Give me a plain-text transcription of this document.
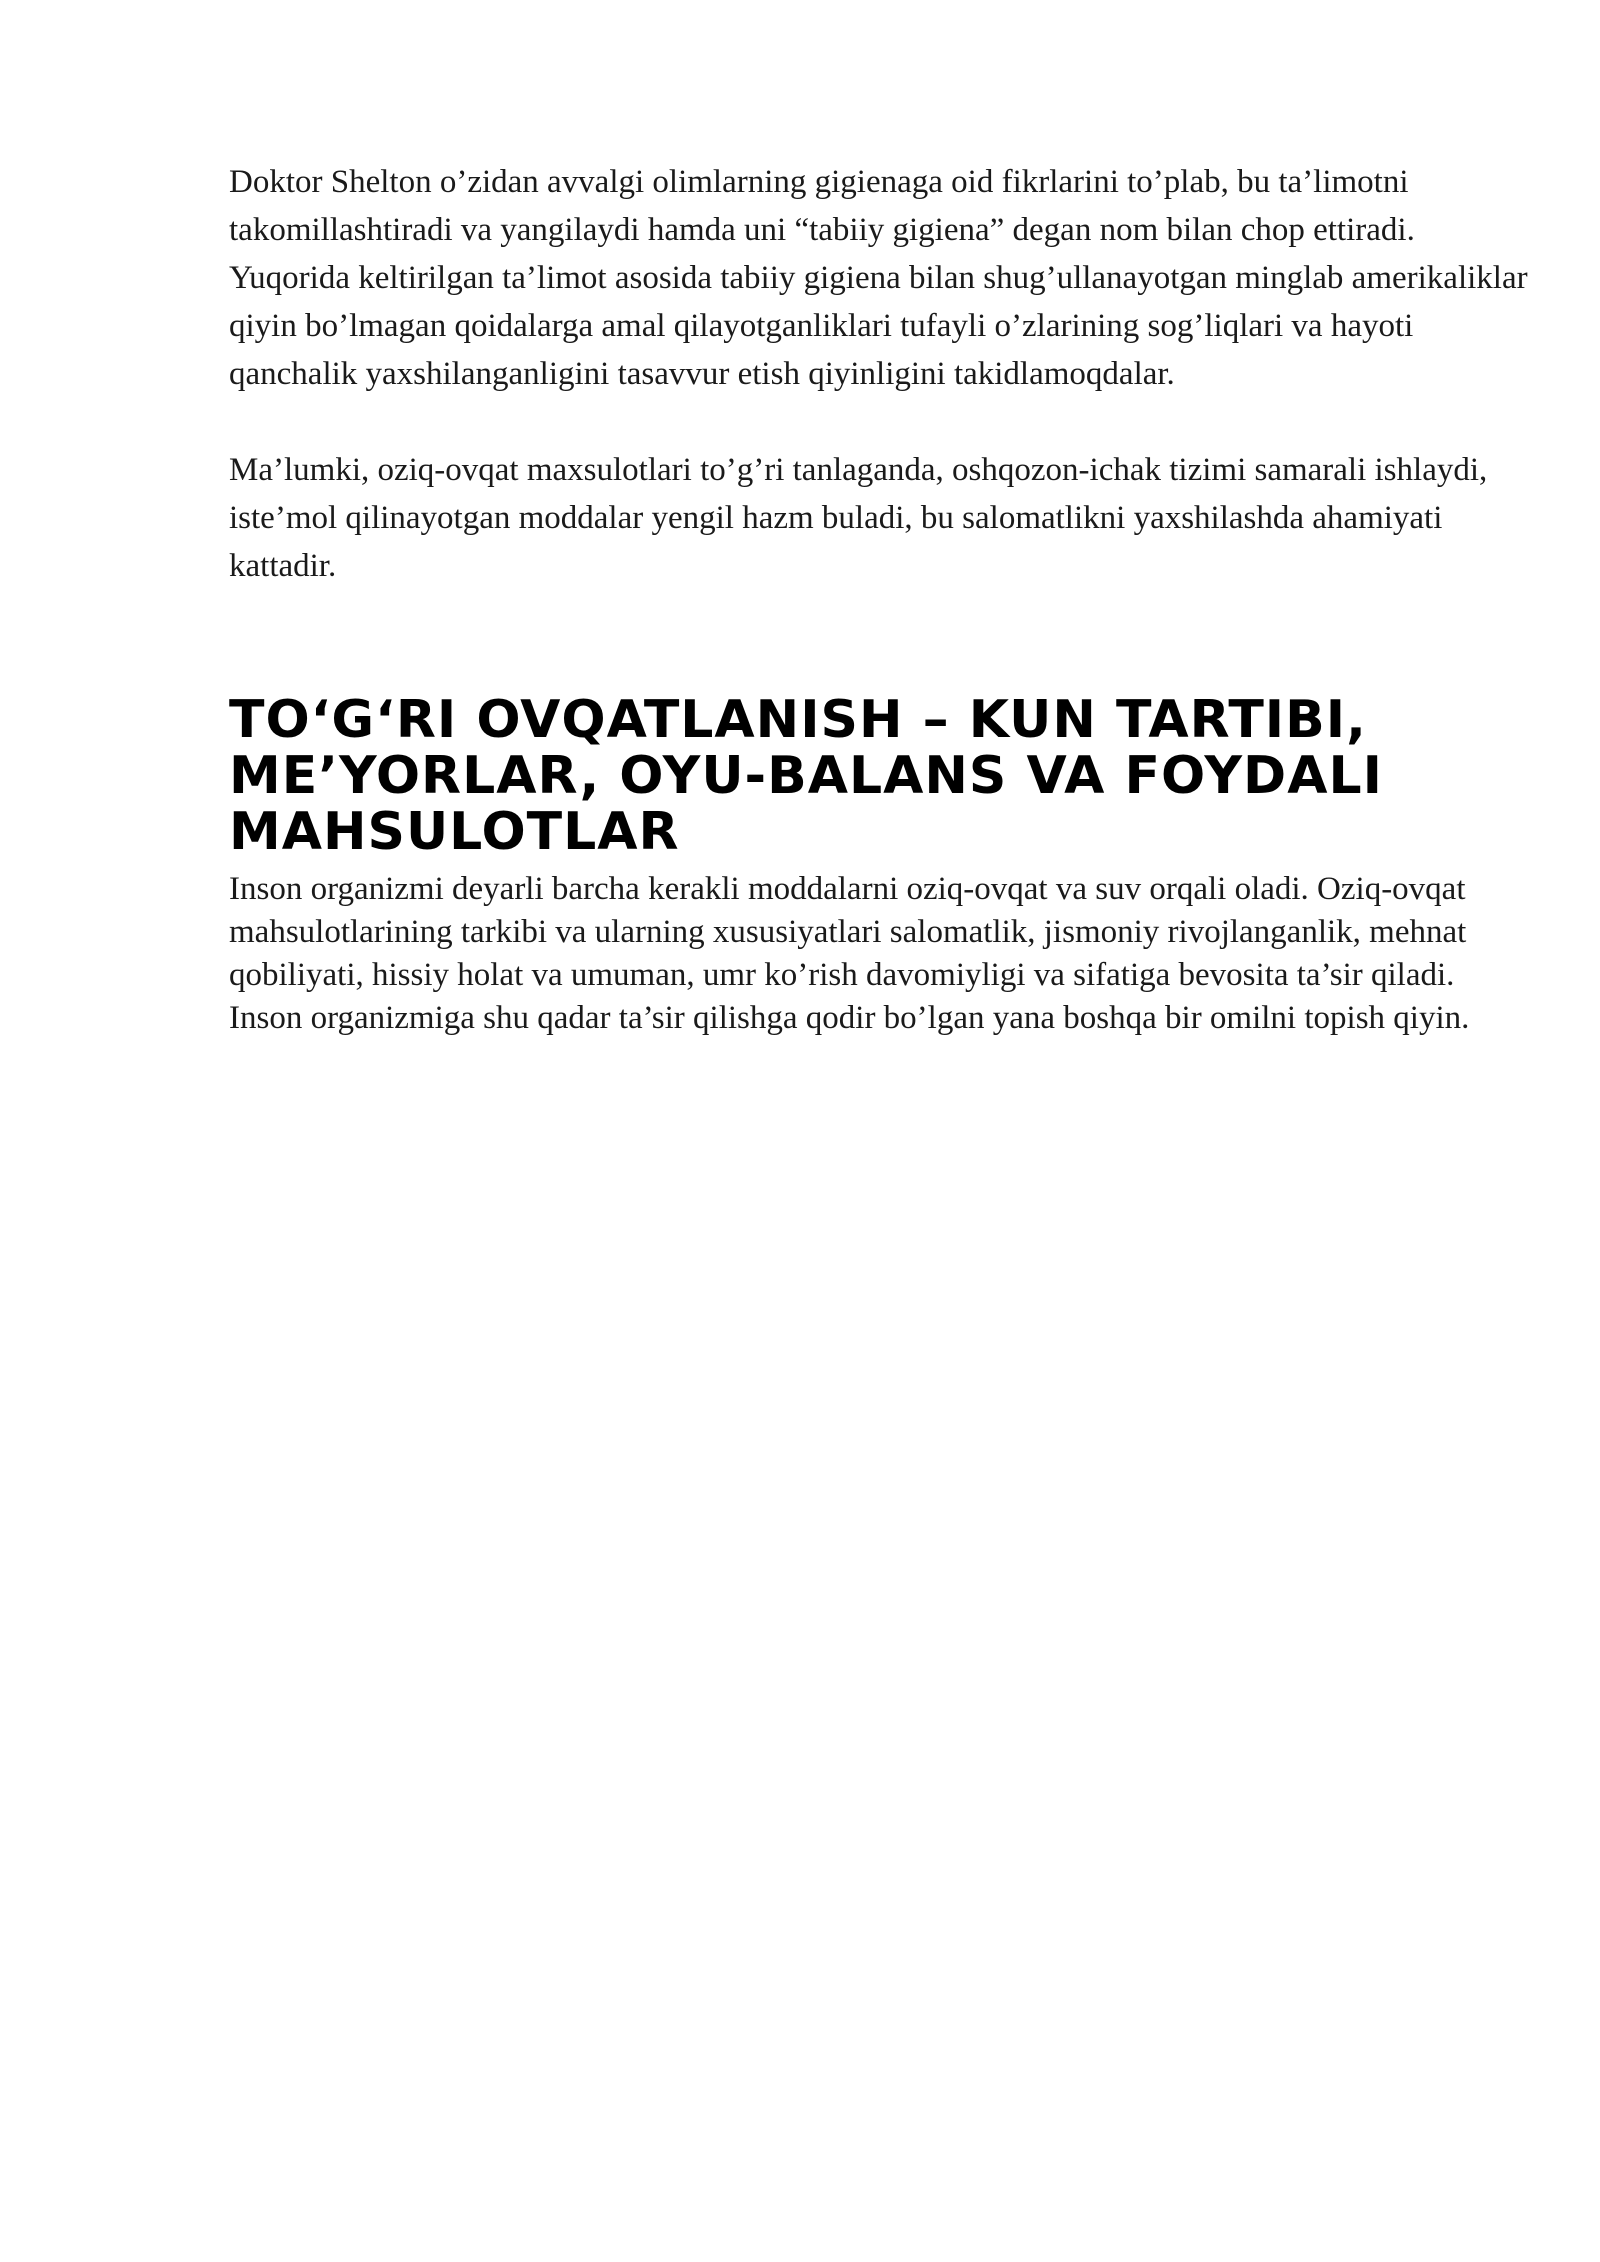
Doktor Shelton o’zidan avvalgi olimlarning gigienaga oid fikrlarini to’plab, bu ta’limotni takomillashtiradi va yangilaydi hamda uni “tabiiy gigiena” degan nom bilan chop ettiradi. Yuqorida keltirilgan ta’limot asosida tabiiy gigiena bilan shug’ullanayotgan minglab amerikaliklar qiyin bo’lmagan qoidalarga amal qilayotganliklari tufayli o’zlarining sog’liqlari va hayoti qanchalik yaxshilanganligini tasavvur etish qiyinligini takidlamoqdalar.

Ma’lumki, oziq-ovqat maxsulotlari to’g’ri tanlaganda, oshqozon-ichak tizimi samarali ishlaydi, iste’mol qilinayotgan moddalar yengil hazm buladi, bu salomatlikni yaxshilashda ahamiyati kattadir.

TO‘G‘RI OVQATLANISH – KUN TARTIBI, ME’YORLAR, OYU-BALANS VA FOYDALI MAHSULOTLAR

Inson organizmi deyarli barcha kerakli moddalarni oziq-ovqat va suv orqali oladi. Oziq-ovqat mahsulotlarining tarkibi va ularning xususiyatlari salomatlik, jismoniy rivojlanganlik, mehnat qobiliyati, hissiy holat va umuman, umr ko’rish davomiyligi va sifatiga bevosita ta’sir qiladi. Inson organizmiga shu qadar ta’sir qilishga qodir bo’lgan yana boshqa bir omilni topish qiyin.
